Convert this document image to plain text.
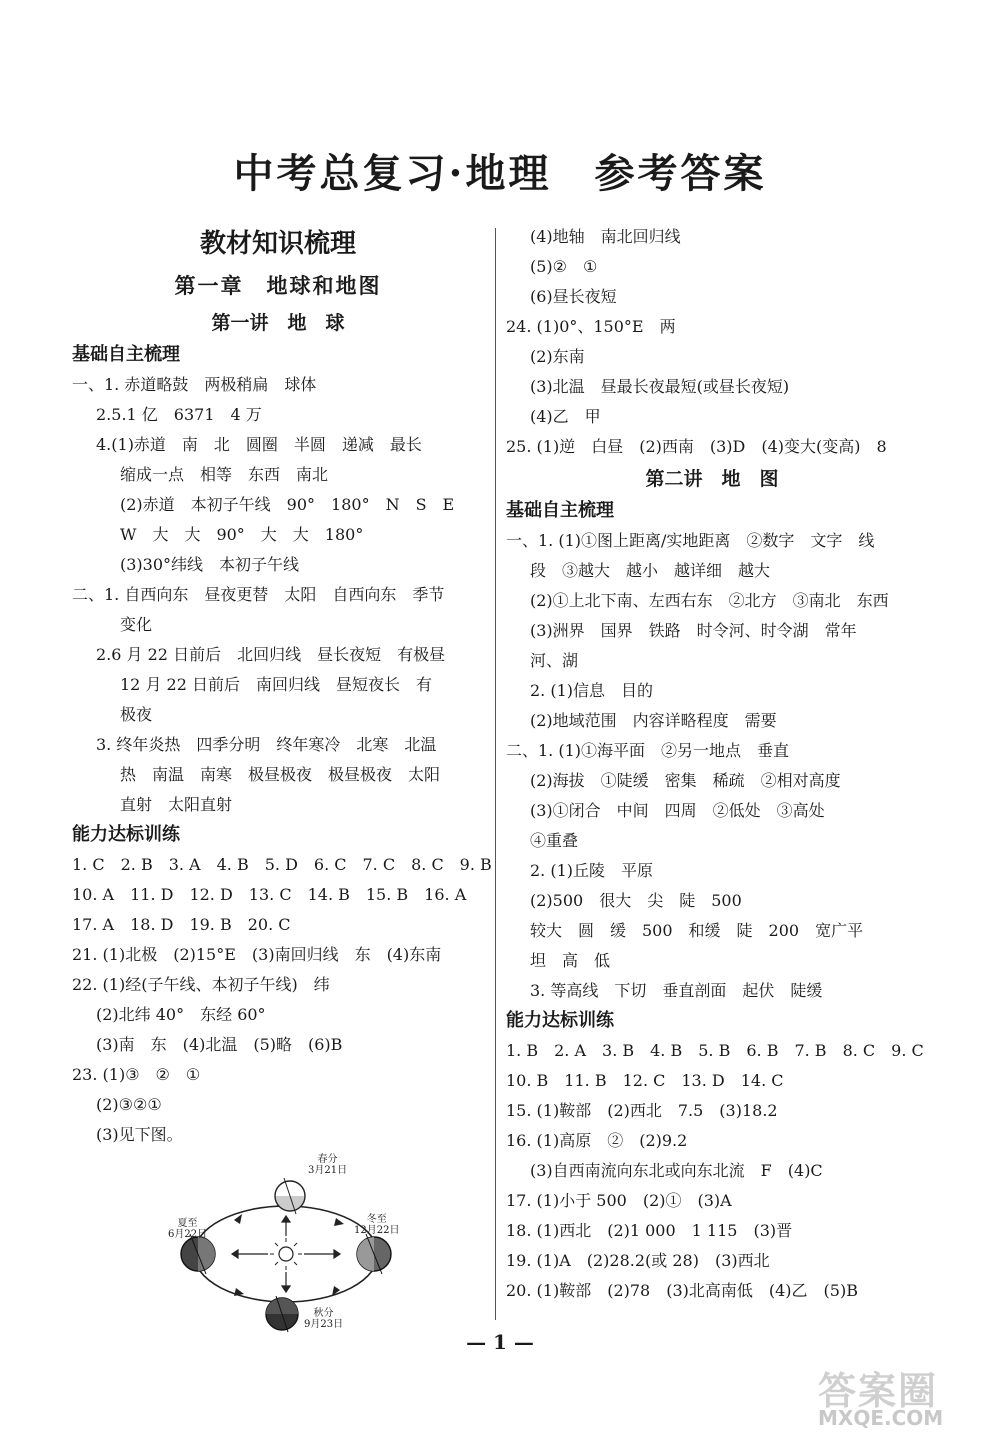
中考总复习·地理　参考答案
教材知识梳理
第一章　地球和地图
第一讲　地　球
基础自主梳理
一、1. 赤道略鼓　两极稍扁　球体
2.5.1 亿　6371　4 万
4.(1)赤道　南　北　圆圈　半圆　递减　最长
缩成一点　相等　东西　南北
(2)赤道　本初子午线　90°　180°　N　S　E
W　大　大　90°　大　大　180°
(3)30°纬线　本初子午线
二、1. 自西向东　昼夜更替　太阳　自西向东　季节
变化
2.6 月 22 日前后　北回归线　昼长夜短　有极昼
12 月 22 日前后　南回归线　昼短夜长　有
极夜
3. 终年炎热　四季分明　终年寒冷　北寒　北温
热　南温　南寒　极昼极夜　极昼极夜　太阳
直射　太阳直射
能力达标训练
1. C　2. B　3. A　4. B　5. D　6. C　7. C　8. C　9. B
10. A　11. D　12. D　13. C　14. B　15. B　16. A
17. A　18. D　19. B　20. C
21. (1)北极　(2)15°E　(3)南回归线　东　(4)东南
22. (1)经(子午线、本初子午线)　纬
(2)北纬 40°　东经 60°
(3)南　东　(4)北温　(5)略　(6)B
23. (1)③　②　①
(2)③②①
(3)见下图。
春分
3月21日
夏至
6月22日
冬至
12月22日
秋分
9月23日
(4)地轴　南北回归线
(5)②　①
(6)昼长夜短
24. (1)0°、150°E　两
(2)东南
(3)北温　昼最长夜最短(或昼长夜短)
(4)乙　甲
25. (1)逆　白昼　(2)西南　(3)D　(4)变大(变高)　8
第二讲　地　图
基础自主梳理
一、1. (1)①图上距离/实地距离　②数字　文字　线
段　③越大　越小　越详细　越大
(2)①上北下南、左西右东　②北方　③南北　东西
(3)洲界　国界　铁路　时令河、时令湖　常年
河、湖
2. (1)信息　目的
(2)地域范围　内容详略程度　需要
二、1. (1)①海平面　②另一地点　垂直
(2)海拔　①陡缓　密集　稀疏　②相对高度
(3)①闭合　中间　四周　②低处　③高处
④重叠
2. (1)丘陵　平原
(2)500　很大　尖　陡　500
较大　圆　缓　500　和缓　陡　200　宽广平
坦　高　低
3. 等高线　下切　垂直剖面　起伏　陡缓
能力达标训练
1. B　2. A　3. B　4. B　5. B　6. B　7. B　8. C　9. C
10. B　11. B　12. C　13. D　14. C
15. (1)鞍部　(2)西北　7.5　(3)18.2
16. (1)高原　②　(2)9.2
(3)自西南流向东北或向东北流　F　(4)C
17. (1)小于 500　(2)①　(3)A
18. (1)西北　(2)1 000　1 115　(3)晋
19. (1)A　(2)28.2(或 28)　(3)西北
20. (1)鞍部　(2)78　(3)北高南低　(4)乙　(5)B
— 1 —
答案圈
MXQE.COM
